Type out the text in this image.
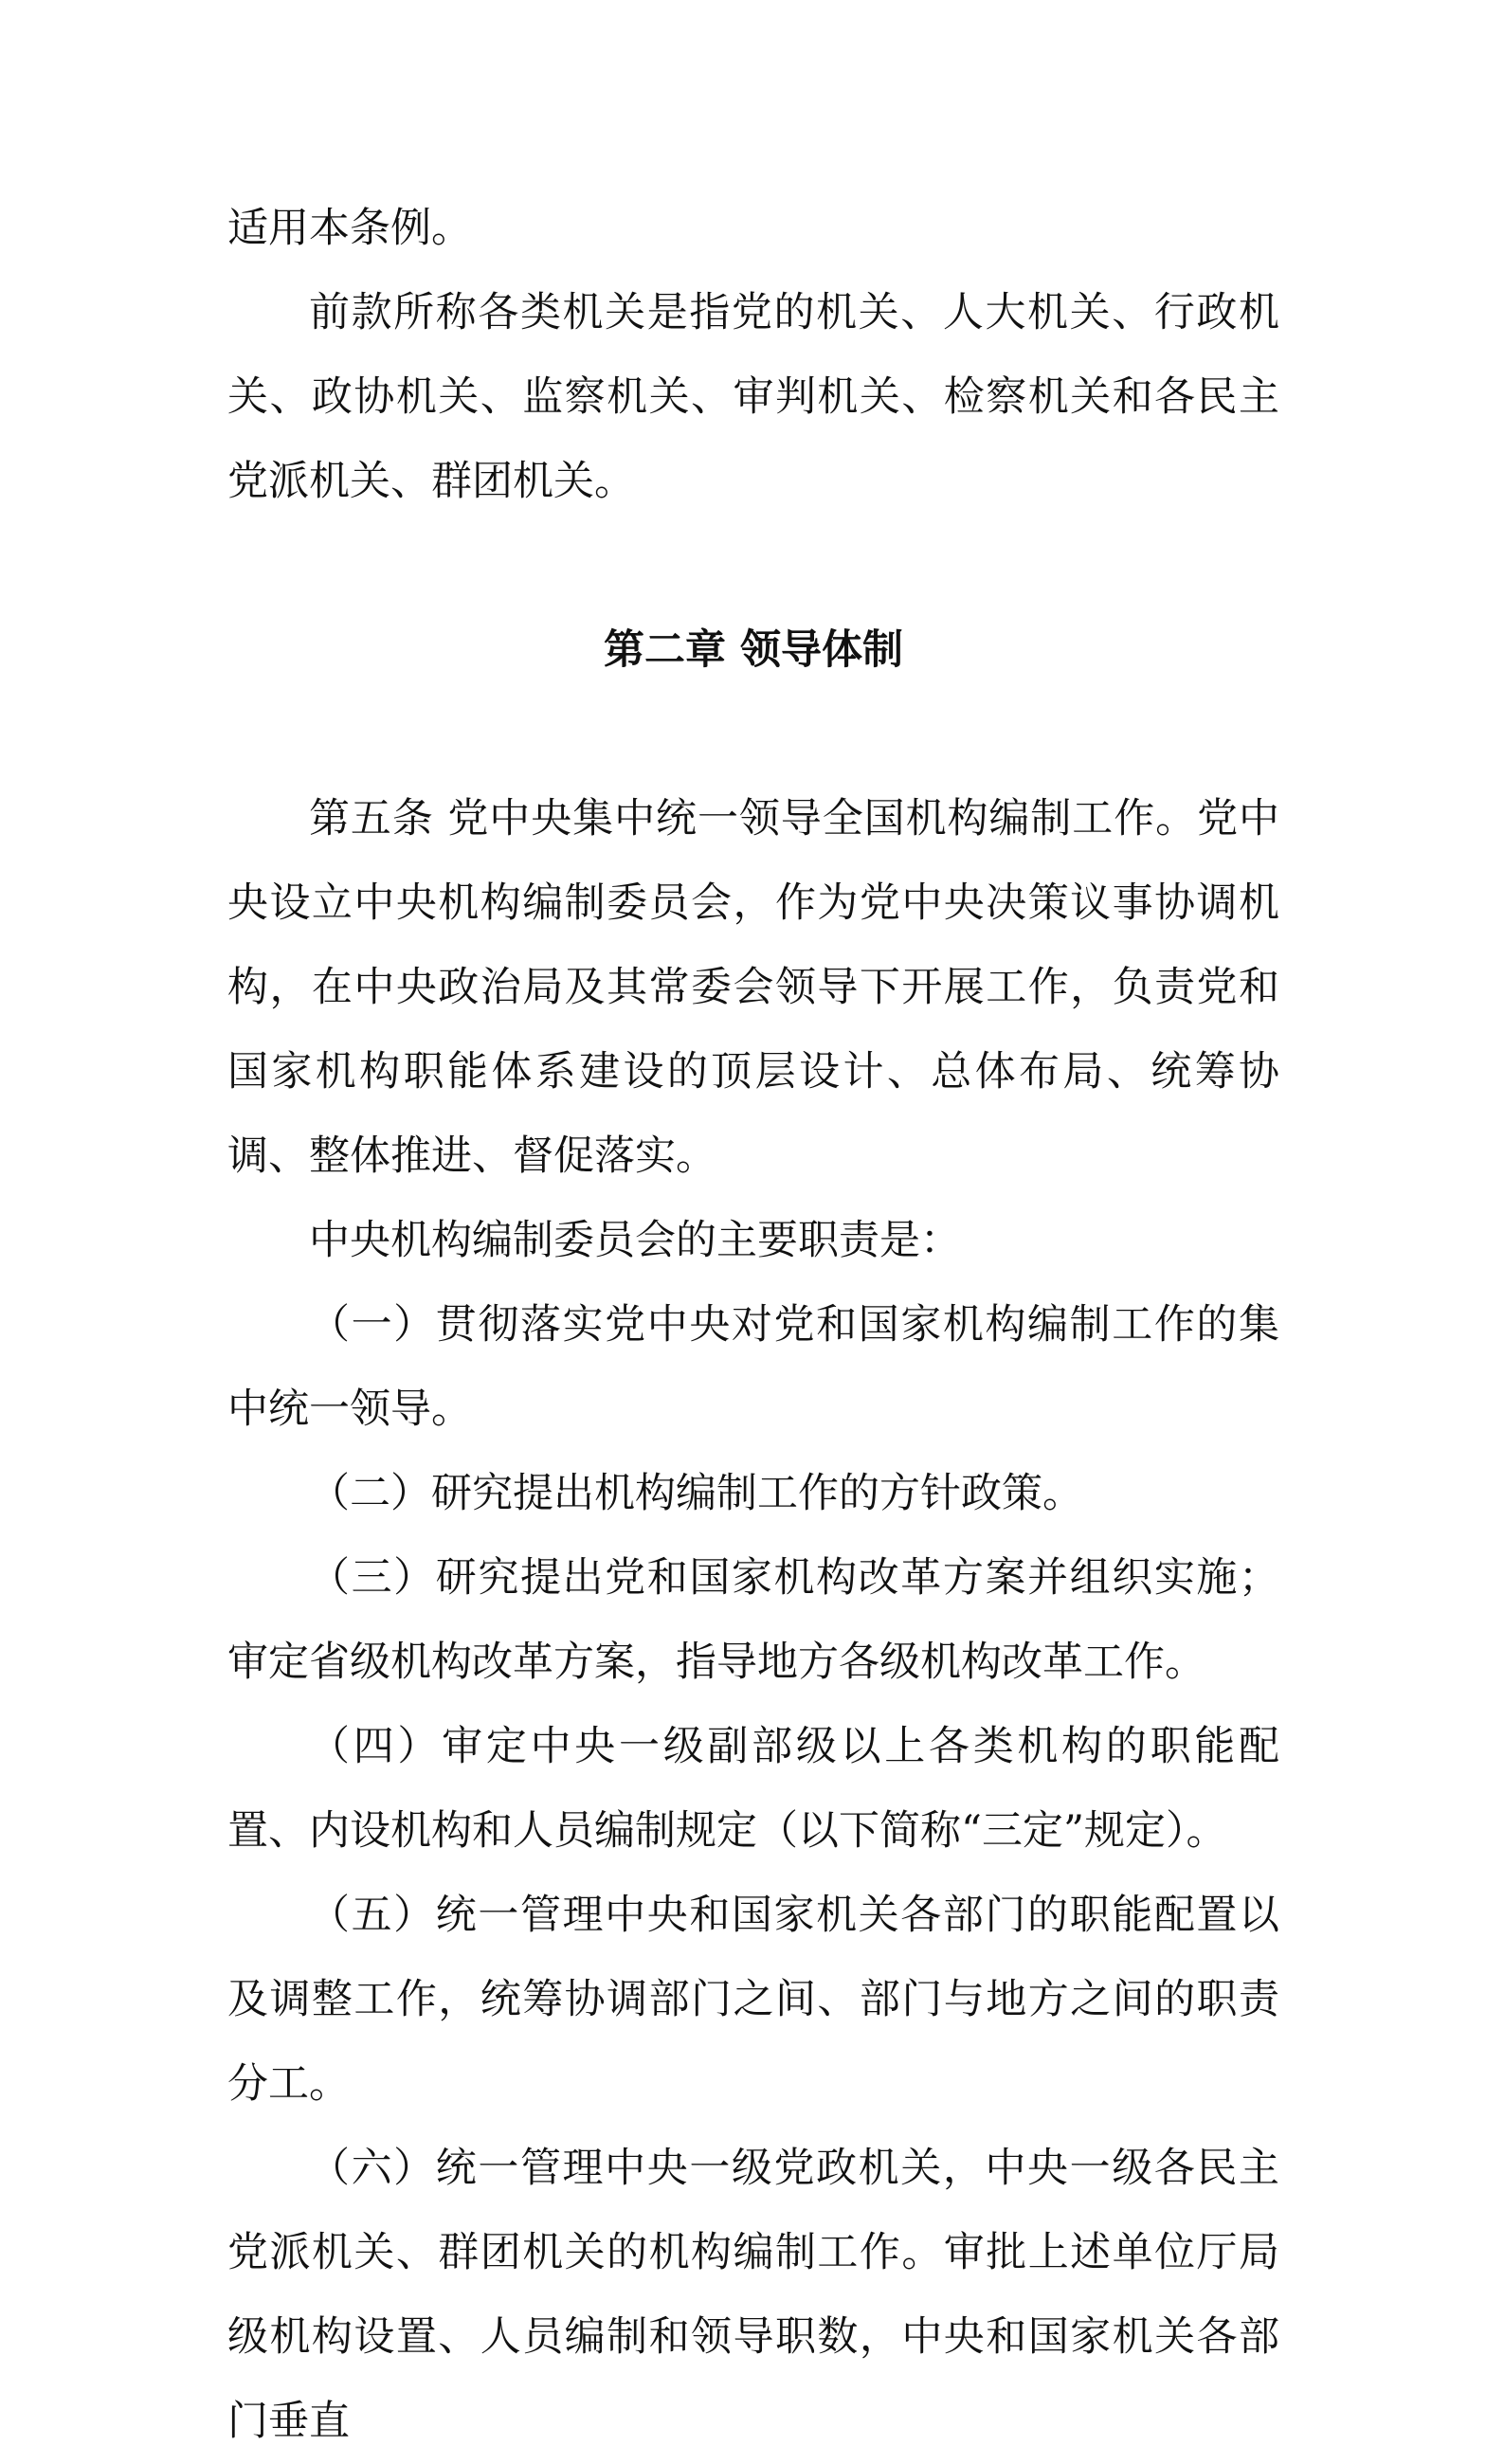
适用本条例。

前款所称各类机关是指党的机关、人大机关、行政机关、政协机关、监察机关、审判机关、检察机关和各民主党派机关、群团机关。

第二章 领导体制

第五条 党中央集中统一领导全国机构编制工作。党中央设立中央机构编制委员会，作为党中央决策议事协调机构，在中央政治局及其常委会领导下开展工作，负责党和国家机构职能体系建设的顶层设计、总体布局、统筹协调、整体推进、督促落实。

中央机构编制委员会的主要职责是：

（一）贯彻落实党中央对党和国家机构编制工作的集中统一领导。

（二）研究提出机构编制工作的方针政策。

（三）研究提出党和国家机构改革方案并组织实施；审定省级机构改革方案，指导地方各级机构改革工作。

（四）审定中央一级副部级以上各类机构的职能配置、内设机构和人员编制规定（以下简称“三定”规定）。

（五）统一管理中央和国家机关各部门的职能配置以及调整工作，统筹协调部门之间、部门与地方之间的职责分工。

（六）统一管理中央一级党政机关，中央一级各民主党派机关、群团机关的机构编制工作。审批上述单位厅局级机构设置、人员编制和领导职数，中央和国家机关各部门垂直
